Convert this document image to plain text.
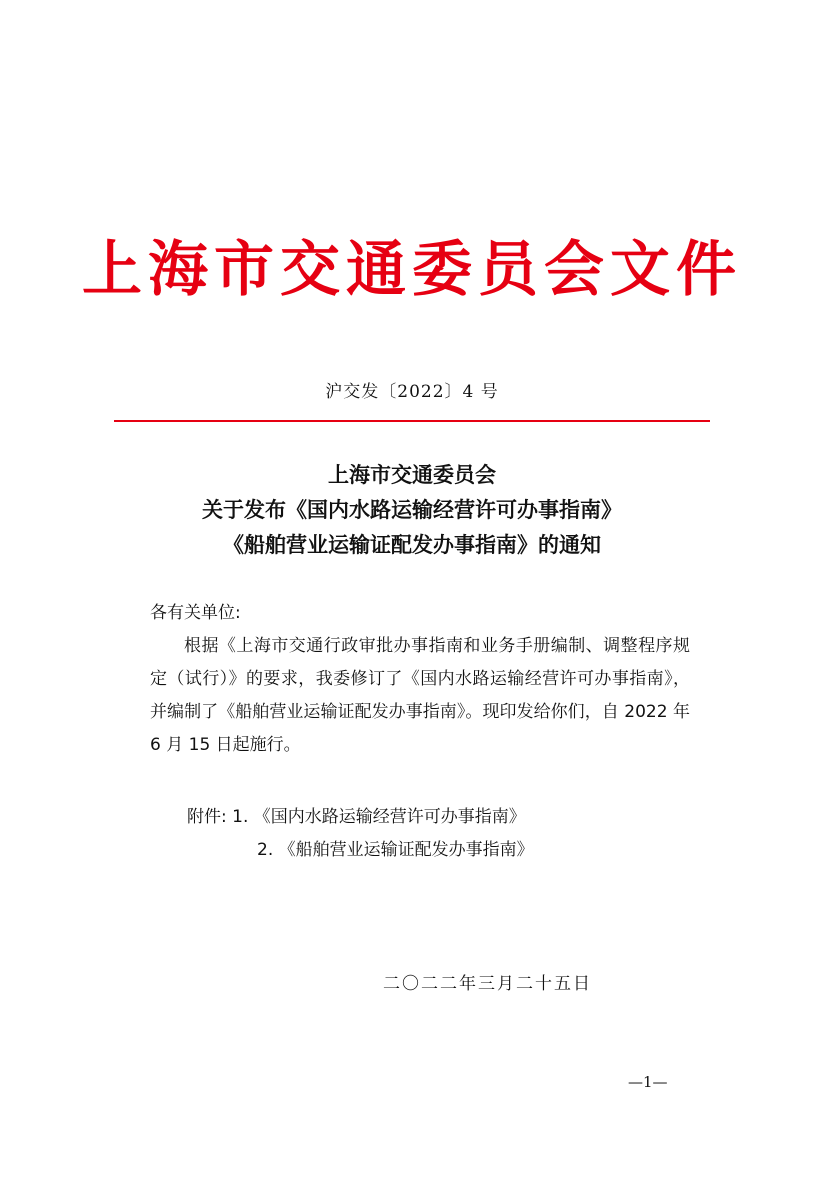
上海市交通委员会文件
沪交发〔2022〕4 号
上海市交通委员会
关于发布《国内水路运输经营许可办事指南》
《船舶营业运输证配发办事指南》的通知
各有关单位:
根据《上海市交通行政审批办事指南和业务手册编制、调整程序规定（试行）》的要求，我委修订了《国内水路运输经营许可办事指南》，并编制了《船舶营业运输证配发办事指南》。现印发给你们，自 2022 年 6 月 15 日起施行。
附件: 1. 《国内水路运输经营许可办事指南》
2. 《船舶营业运输证配发办事指南》
二〇二二年三月二十五日
—1—
